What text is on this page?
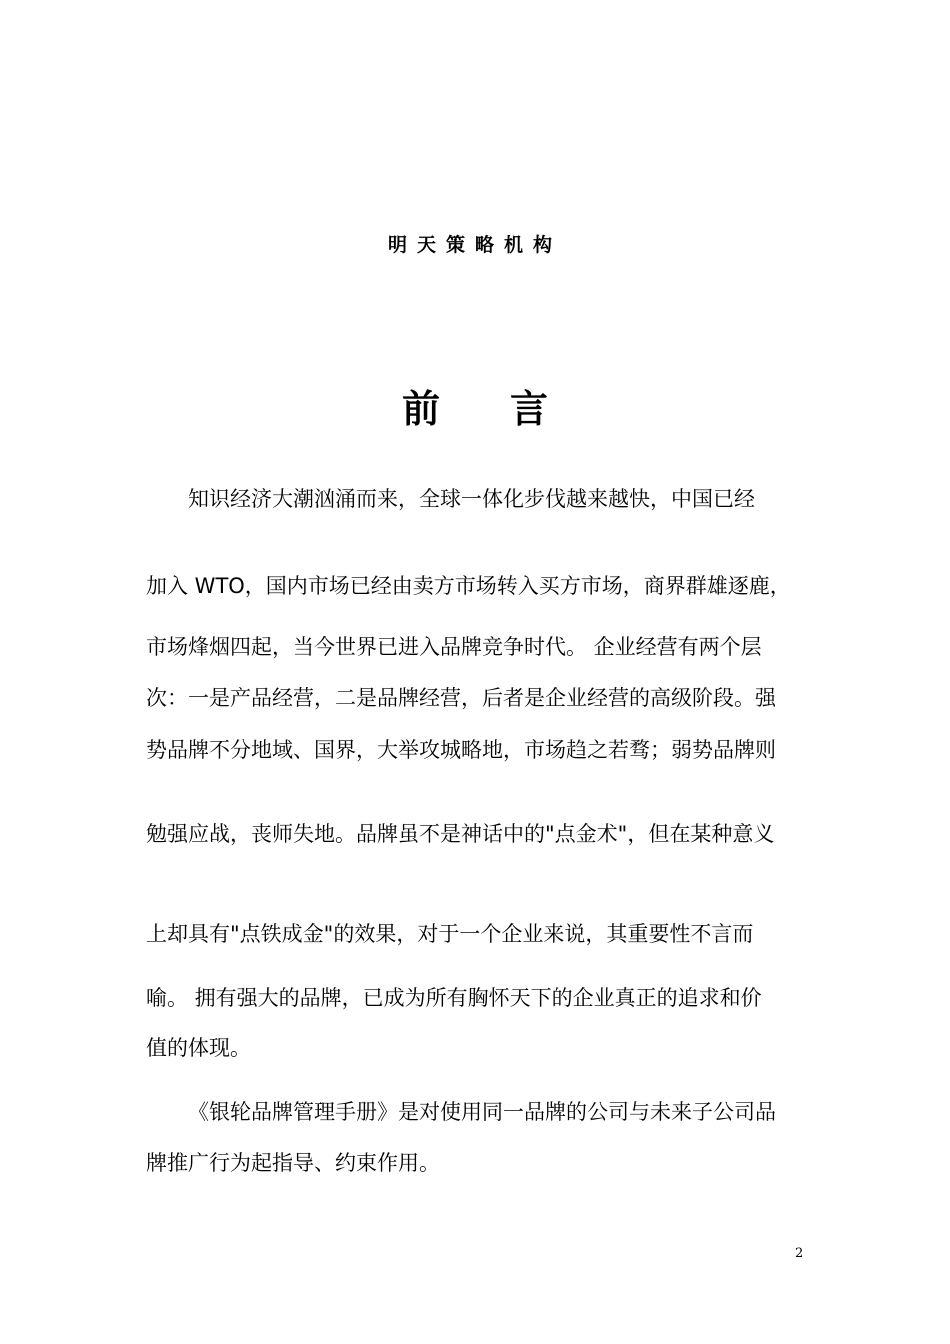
明天策略机构
前言
知识经济大潮汹涌而来，全球一体化步伐越来越快，中国已经
加入 WTO，国内市场已经由卖方市场转入买方市场，商界群雄逐鹿，
市场烽烟四起，当今世界已进入品牌竞争时代。 企业经营有两个层
次：一是产品经营，二是品牌经营，后者是企业经营的高级阶段。强
势品牌不分地域、国界，大举攻城略地，市场趋之若骛；弱势品牌则
勉强应战，丧师失地。品牌虽不是神话中的"点金术"，但在某种意义
上却具有"点铁成金"的效果，对于一个企业来说，其重要性不言而
喻。 拥有强大的品牌，已成为所有胸怀天下的企业真正的追求和价
值的体现。
《银轮品牌管理手册》是对使用同一品牌的公司与未来子公司品
牌推广行为起指导、约束作用。
2
